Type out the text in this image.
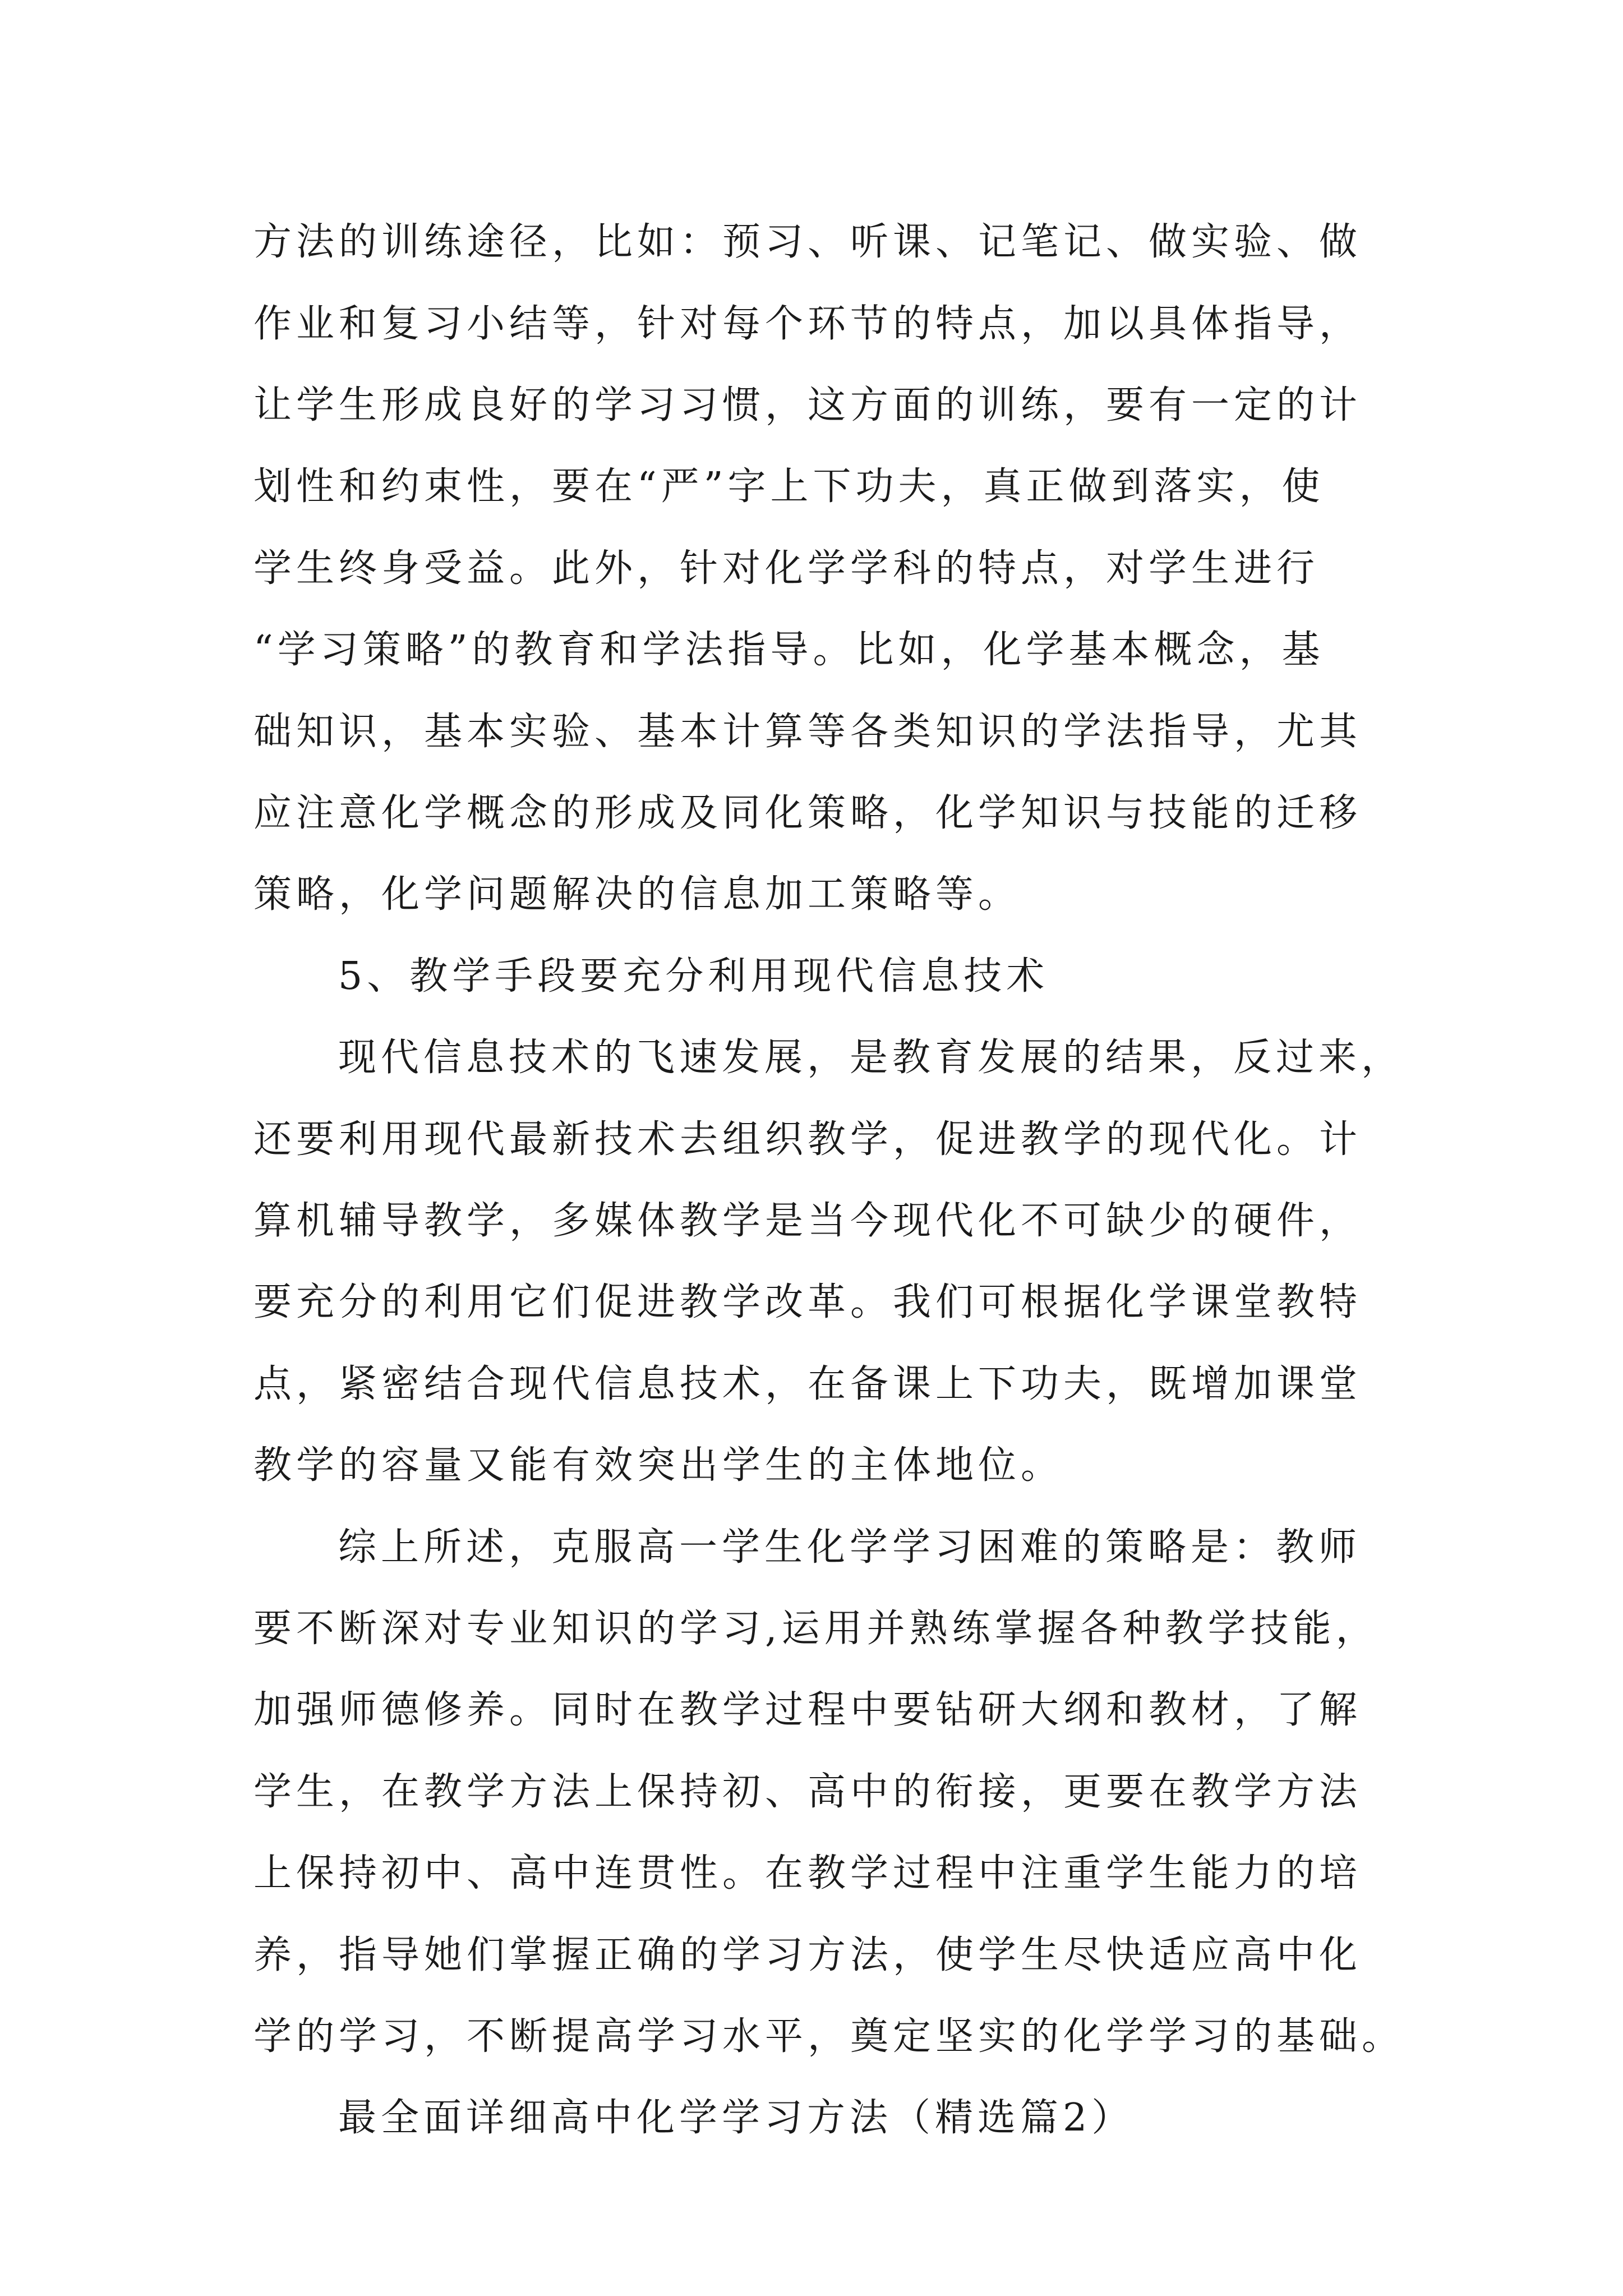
方法的训练途径，比如：预习、听课、记笔记、做实验、做
作业和复习小结等，针对每个环节的特点，加以具体指导，
让学生形成良好的学习习惯，这方面的训练，要有一定的计
划性和约束性，要在“严”字上下功夫，真正做到落实，使
学生终身受益。此外，针对化学学科的特点，对学生进行
“学习策略”的教育和学法指导。比如，化学基本概念，基
础知识，基本实验、基本计算等各类知识的学法指导，尤其
应注意化学概念的形成及同化策略，化学知识与技能的迁移
策略，化学问题解决的信息加工策略等。
5、教学手段要充分利用现代信息技术
现代信息技术的飞速发展，是教育发展的结果，反过来，
还要利用现代最新技术去组织教学，促进教学的现代化。计
算机辅导教学，多媒体教学是当今现代化不可缺少的硬件，
要充分的利用它们促进教学改革。我们可根据化学课堂教特
点，紧密结合现代信息技术，在备课上下功夫，既增加课堂
教学的容量又能有效突出学生的主体地位。
综上所述，克服高一学生化学学习困难的策略是：教师
要不断深对专业知识的学习,运用并熟练掌握各种教学技能，
加强师德修养。同时在教学过程中要钻研大纲和教材，了解
学生，在教学方法上保持初、高中的衔接，更要在教学方法
上保持初中、高中连贯性。在教学过程中注重学生能力的培
养，指导她们掌握正确的学习方法，使学生尽快适应高中化
学的学习，不断提高学习水平，奠定坚实的化学学习的基础。
最全面详细高中化学学习方法（精选篇2）
